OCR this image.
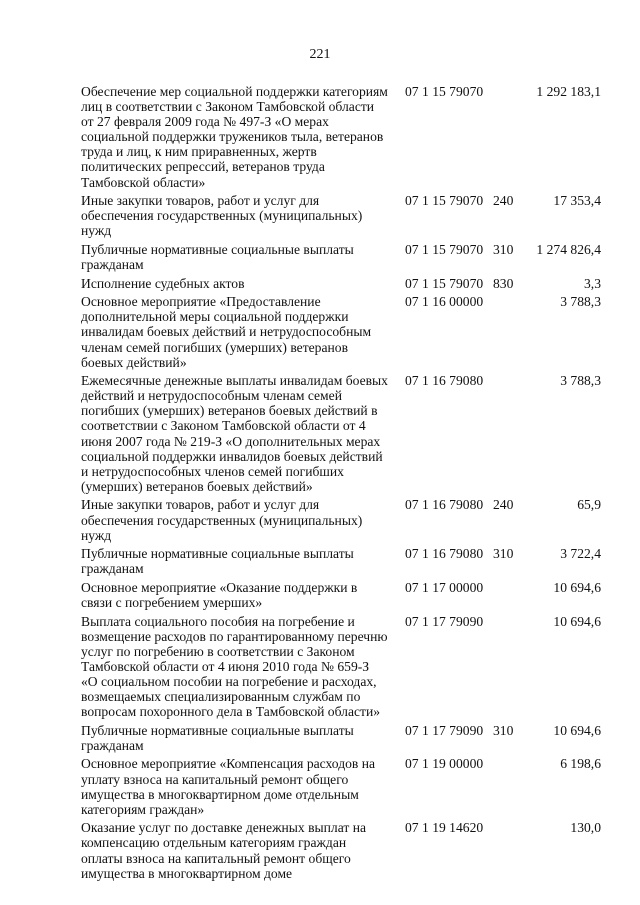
221
Обеспечение мер социальной поддержки категориям лиц в соответствии с Законом Тамбовской области от 27 февраля 2009 года № 497-З «О мерах социальной поддержки тружеников тыла, ветеранов труда и лиц, к ним приравненных, жертв политических репрессий, ветеранов труда Тамбовской области»	07 1 15 79070		1 292 183,1
Иные закупки товаров, работ и услуг для обеспечения государственных (муниципальных) нужд	07 1 15 79070	240	17 353,4
Публичные нормативные социальные выплаты гражданам	07 1 15 79070	310	1 274 826,4
Исполнение судебных актов	07 1 15 79070	830	3,3
Основное мероприятие «Предоставление дополнительной меры социальной поддержки инвалидам боевых действий и нетрудоспособным членам семей погибших (умерших) ветеранов боевых действий»	07 1 16 00000		3 788,3
Ежемесячные денежные выплаты инвалидам боевых действий и нетрудоспособным членам семей погибших (умерших) ветеранов боевых действий в соответствии с Законом Тамбовской области от 4 июня 2007 года № 219-З «О дополнительных мерах социальной поддержки инвалидов боевых действий и нетрудоспособных членов семей погибших (умерших) ветеранов боевых действий»	07 1 16 79080		3 788,3
Иные закупки товаров, работ и услуг для обеспечения государственных (муниципальных) нужд	07 1 16 79080	240	65,9
Публичные нормативные социальные выплаты гражданам	07 1 16 79080	310	3 722,4
Основное мероприятие «Оказание поддержки в связи с погребением умерших»	07 1 17 00000		10 694,6
Выплата социального пособия на погребение и возмещение расходов по гарантированному перечню услуг по погребению в соответствии с Законом Тамбовской области от 4 июня 2010 года № 659-З «О социальном пособии на погребение и расходах, возмещаемых специализированным службам по вопросам похоронного дела в Тамбовской области»	07 1 17 79090		10 694,6
Публичные нормативные социальные выплаты гражданам	07 1 17 79090	310	10 694,6
Основное мероприятие «Компенсация расходов на уплату взноса на капитальный ремонт общего имущества в многоквартирном доме отдельным категориям граждан»	07 1 19 00000		6 198,6
Оказание услуг по доставке денежных выплат на компенсацию отдельным категориям граждан оплаты взноса на капитальный ремонт общего имущества в многоквартирном доме	07 1 19 14620		130,0
